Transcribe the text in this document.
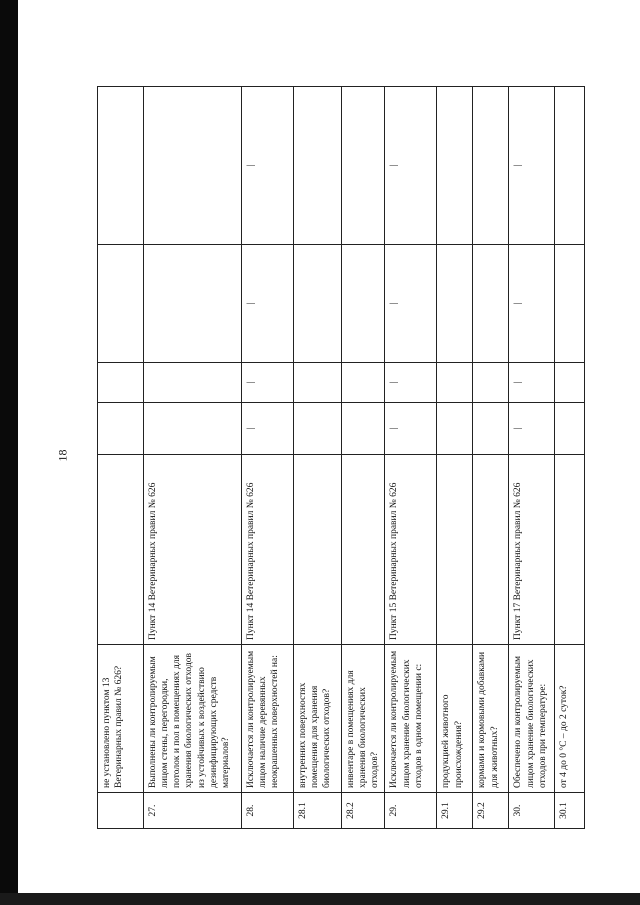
18
	не установлено пунктом 13 Ветеринарных правил № 626?					
27.	Выполнены ли контролируемым лицом стены, перегородки, потолок и пол в помещениях для хранения биологических отходов из устойчивых к воздействию дезинфицирующих средств материалов?	Пункт 14 Ветеринарных правил № 626				
28.	Исключается ли контролируемым лицом наличие деревянных неокрашенных поверхностей на:	Пункт 14 Ветеринарных правил № 626	|	|	|	|
28.1	внутренних поверхностях помещения для хранения биологических отходов?					
28.2	инвентаре в помещениях для хранения биологических отходов?					
29.	Исключается ли контролируемым лицом хранение биологических отходов в одном помещении с:	Пункт 15 Ветеринарных правил № 626	|	|	|	|
29.1	продукцией животного происхождения?					
29.2	кормами и кормовыми добавками для животных?					
30.	Обеспечено ли контролируемым лицом хранение биологических отходов при температуре:	Пункт 17 Ветеринарных правил № 626	|	|	|	|
30.1	от 4 до 0 °С – до 2 суток?					
